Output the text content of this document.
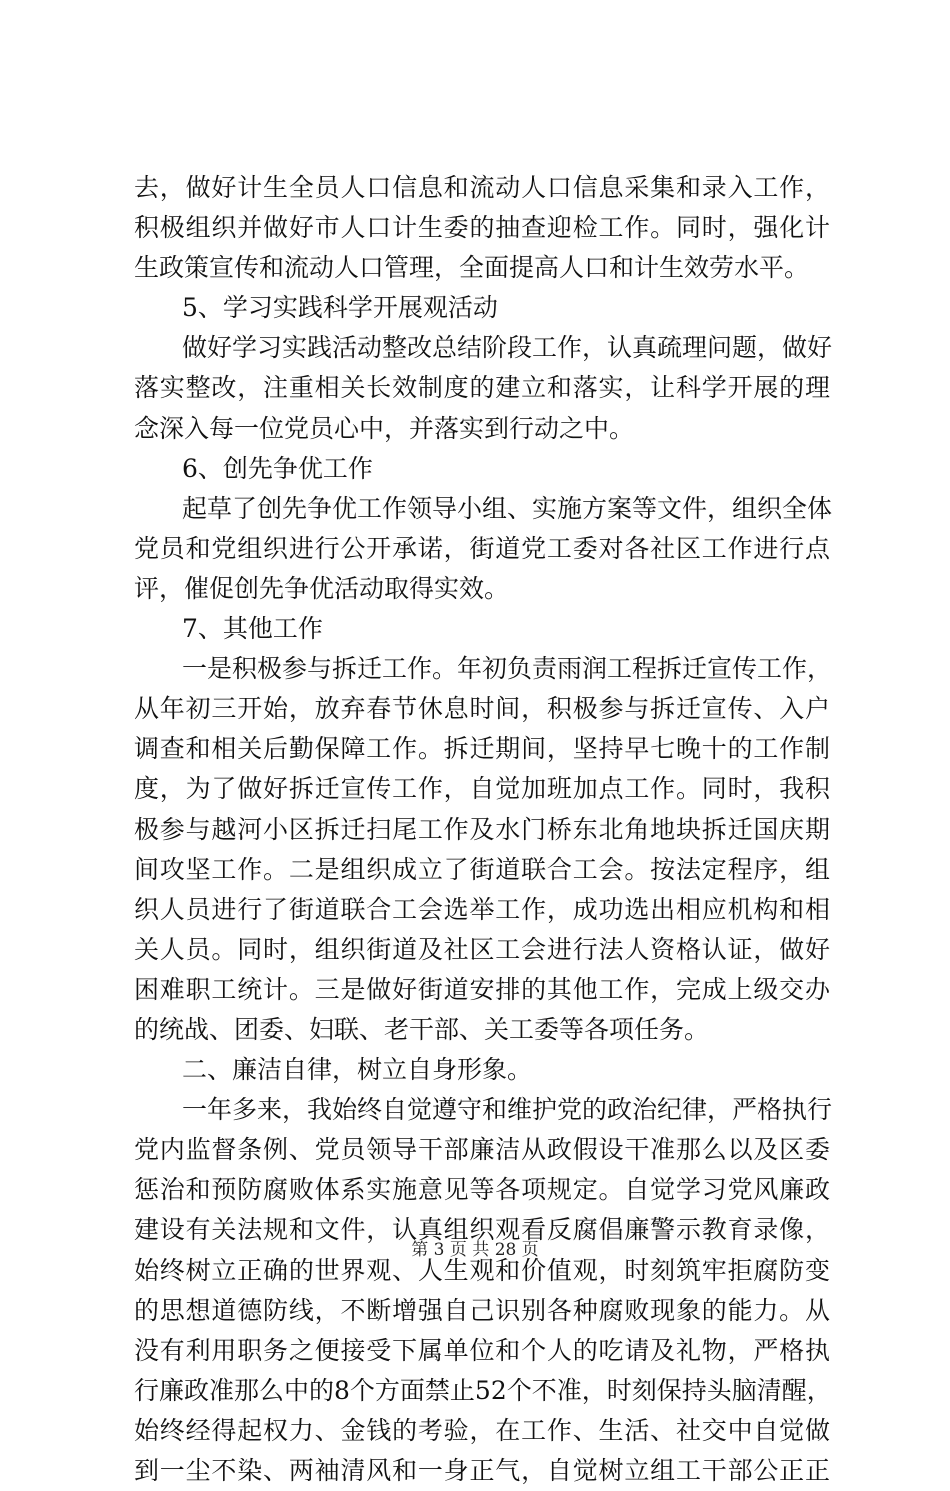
去，做好计生全员人口信息和流动人口信息采集和录入工作，
积极组织并做好市人口计生委的抽查迎检工作。同时，强化计
生政策宣传和流动人口管理，全面提高人口和计生效劳水平。
5、学习实践科学开展观活动
做好学习实践活动整改总结阶段工作，认真疏理问题，做好
落实整改，注重相关长效制度的建立和落实，让科学开展的理
念深入每一位党员心中，并落实到行动之中。
6、创先争优工作
起草了创先争优工作领导小组、实施方案等文件，组织全体
党员和党组织进行公开承诺，街道党工委对各社区工作进行点
评，催促创先争优活动取得实效。
7、其他工作
一是积极参与拆迁工作。年初负责雨润工程拆迁宣传工作，
从年初三开始，放弃春节休息时间，积极参与拆迁宣传、入户
调查和相关后勤保障工作。拆迁期间，坚持早七晚十的工作制
度，为了做好拆迁宣传工作，自觉加班加点工作。同时，我积
极参与越河小区拆迁扫尾工作及水门桥东北角地块拆迁国庆期
间攻坚工作。二是组织成立了街道联合工会。按法定程序，组
织人员进行了街道联合工会选举工作，成功选出相应机构和相
关人员。同时，组织街道及社区工会进行法人资格认证，做好
困难职工统计。三是做好街道安排的其他工作，完成上级交办
的统战、团委、妇联、老干部、关工委等各项任务。
二、廉洁自律，树立自身形象。
一年多来，我始终自觉遵守和维护党的政治纪律，严格执行
党内监督条例、党员领导干部廉洁从政假设干准那么以及区委
惩治和预防腐败体系实施意见等各项规定。自觉学习党风廉政
建设有关法规和文件，认真组织观看反腐倡廉警示教育录像，
始终树立正确的世界观、人生观和价值观，时刻筑牢拒腐防变
的思想道德防线，不断增强自己识别各种腐败现象的能力。从
没有利用职务之便接受下属单位和个人的吃请及礼物，严格执
行廉政准那么中的8个方面禁止52个不准，时刻保持头脑清醒，
始终经得起权力、金钱的考验，在工作、生活、社交中自觉做
到一尘不染、两袖清风和一身正气，自觉树立组工干部公正正
第 3 页 共 28 页
